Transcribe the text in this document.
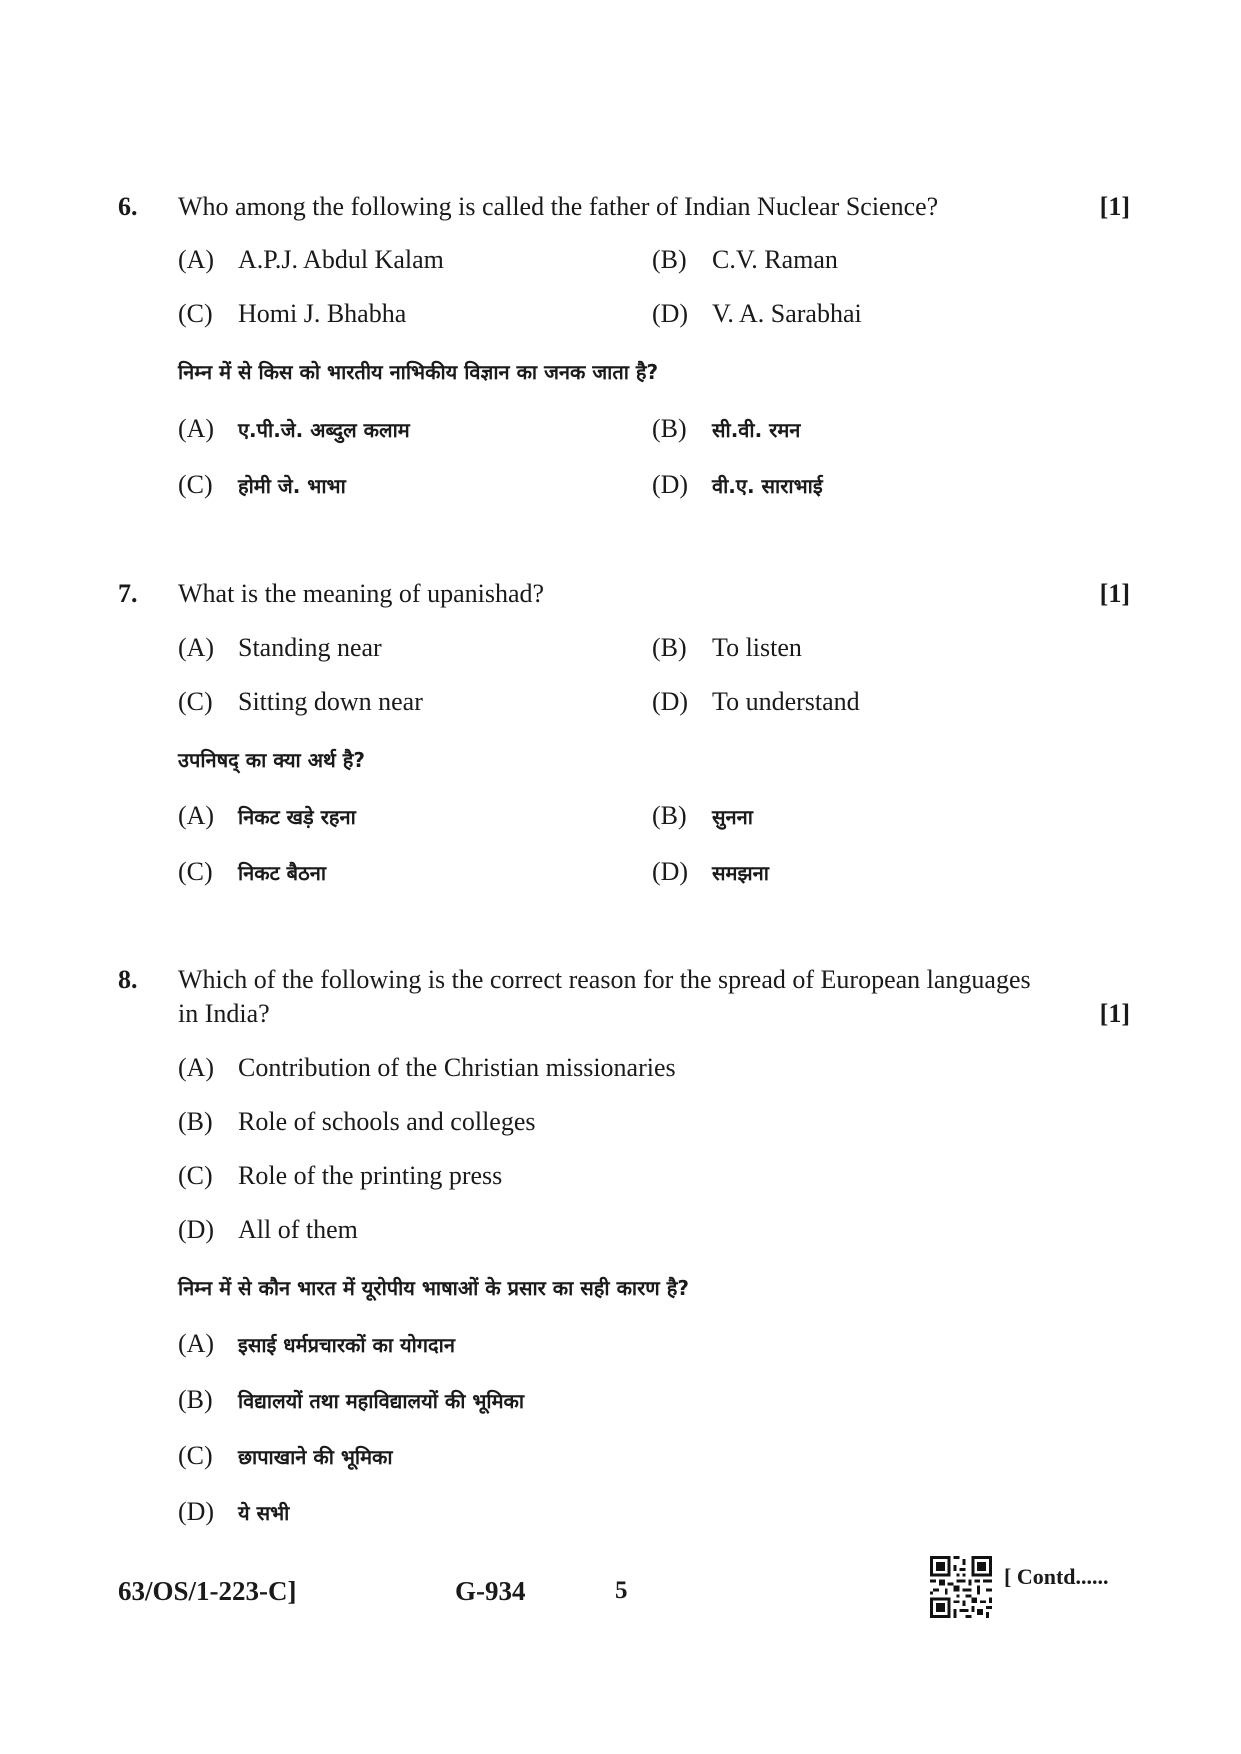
6. Who among the following is called the father of Indian Nuclear Science?	[1]
(A) A.P.J. Abdul Kalam	(B) C.V. Raman
(C) Homi J. Bhabha	(D) V. A. Sarabhai
निम्न में से किस को भारतीय नाभिकीय विज्ञान का जनक जाता है?
(A) ए.पी.जे. अब्दुल कलाम	(B) सी.वी. रमन
(C) होमी जे. भाभा	(D) वी.ए. साराभाई
7. What is the meaning of upanishad?	[1]
(A) Standing near	(B) To listen
(C) Sitting down near	(D) To understand
उपनिषद् का क्या अर्थ है?
(A) निकट खड़े रहना	(B) सुनना
(C) निकट बैठना	(D) समझना
8. Which of the following is the correct reason for the spread of European languages
in India?	[1]
(A) Contribution of the Christian missionaries
(B) Role of schools and colleges
(C) Role of the printing press
(D) All of them
निम्न में से कौन भारत में यूरोपीय भाषाओं के प्रसार का सही कारण है?
(A) इसाई धर्मप्रचारकों का योगदान
(B) विद्यालयों तथा महाविद्यालयों की भूमिका
(C) छापाखाने की भूमिका
(D) ये सभी
63/OS/1-223-C]	G-934	5
[ Contd......
